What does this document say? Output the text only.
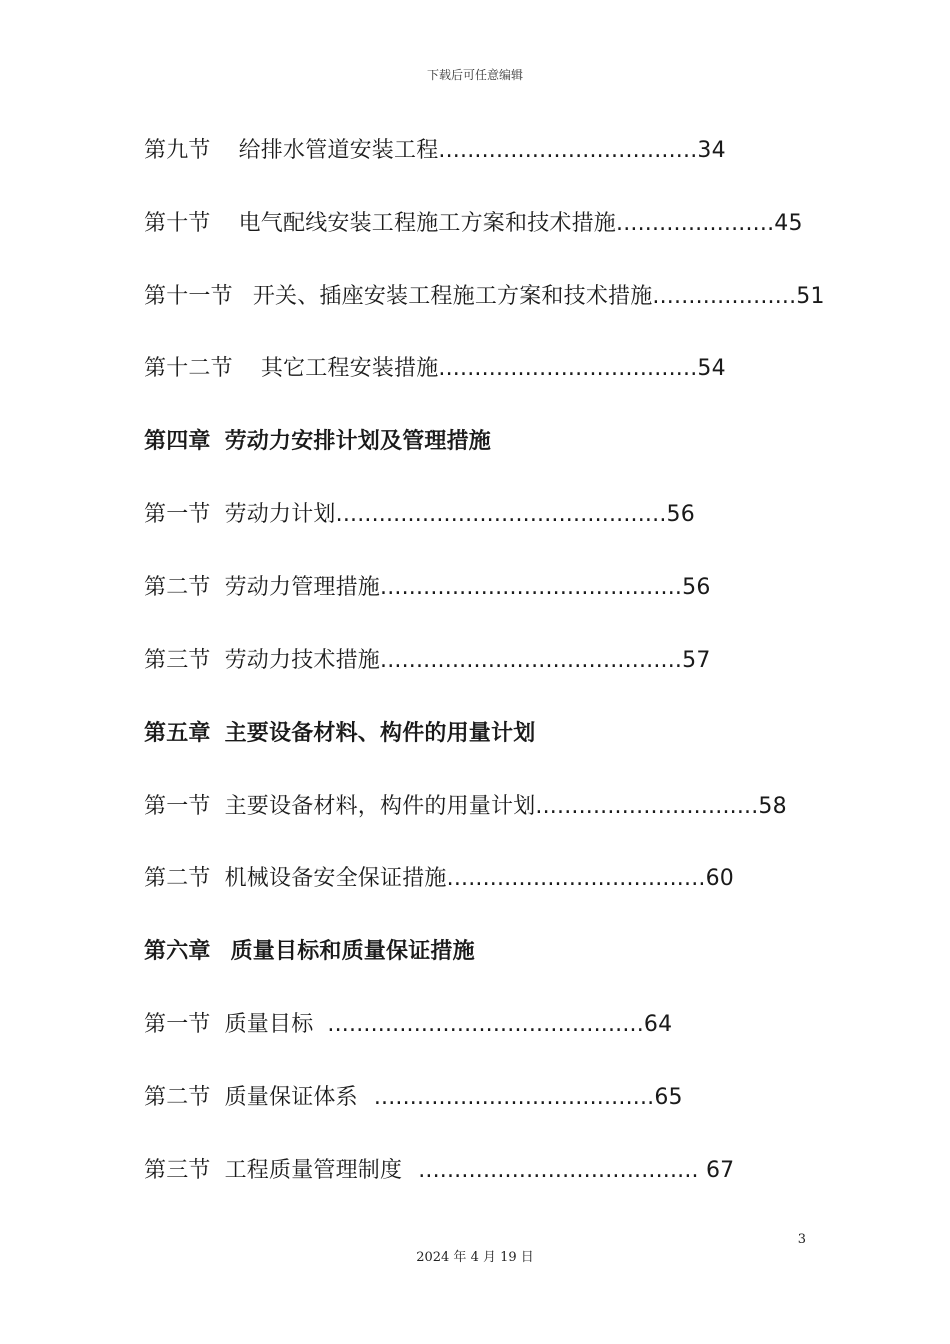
下载后可任意编辑
第九节 给排水管道安装工程....................................34
第十节 电气配线安装工程施工方案和技术措施......................45
第十一节 开关、插座安装工程施工方案和技术措施....................51
第十二节 其它工程安装措施....................................54
第四章 劳动力安排计划及管理措施
第一节 劳动力计划..............................................56
第二节 劳动力管理措施..........................................56
第三节 劳动力技术措施..........................................57
第五章 主要设备材料、构件的用量计划
第一节 主要设备材料，构件的用量计划...............................58
第二节 机械设备安全保证措施....................................60
第六章 质量目标和质量保证措施
第一节 质量目标 ............................................64
第二节 质量保证体系 .......................................65
第三节 工程质量管理制度 ....................................... 67
3
2024 年 4 月 19 日
